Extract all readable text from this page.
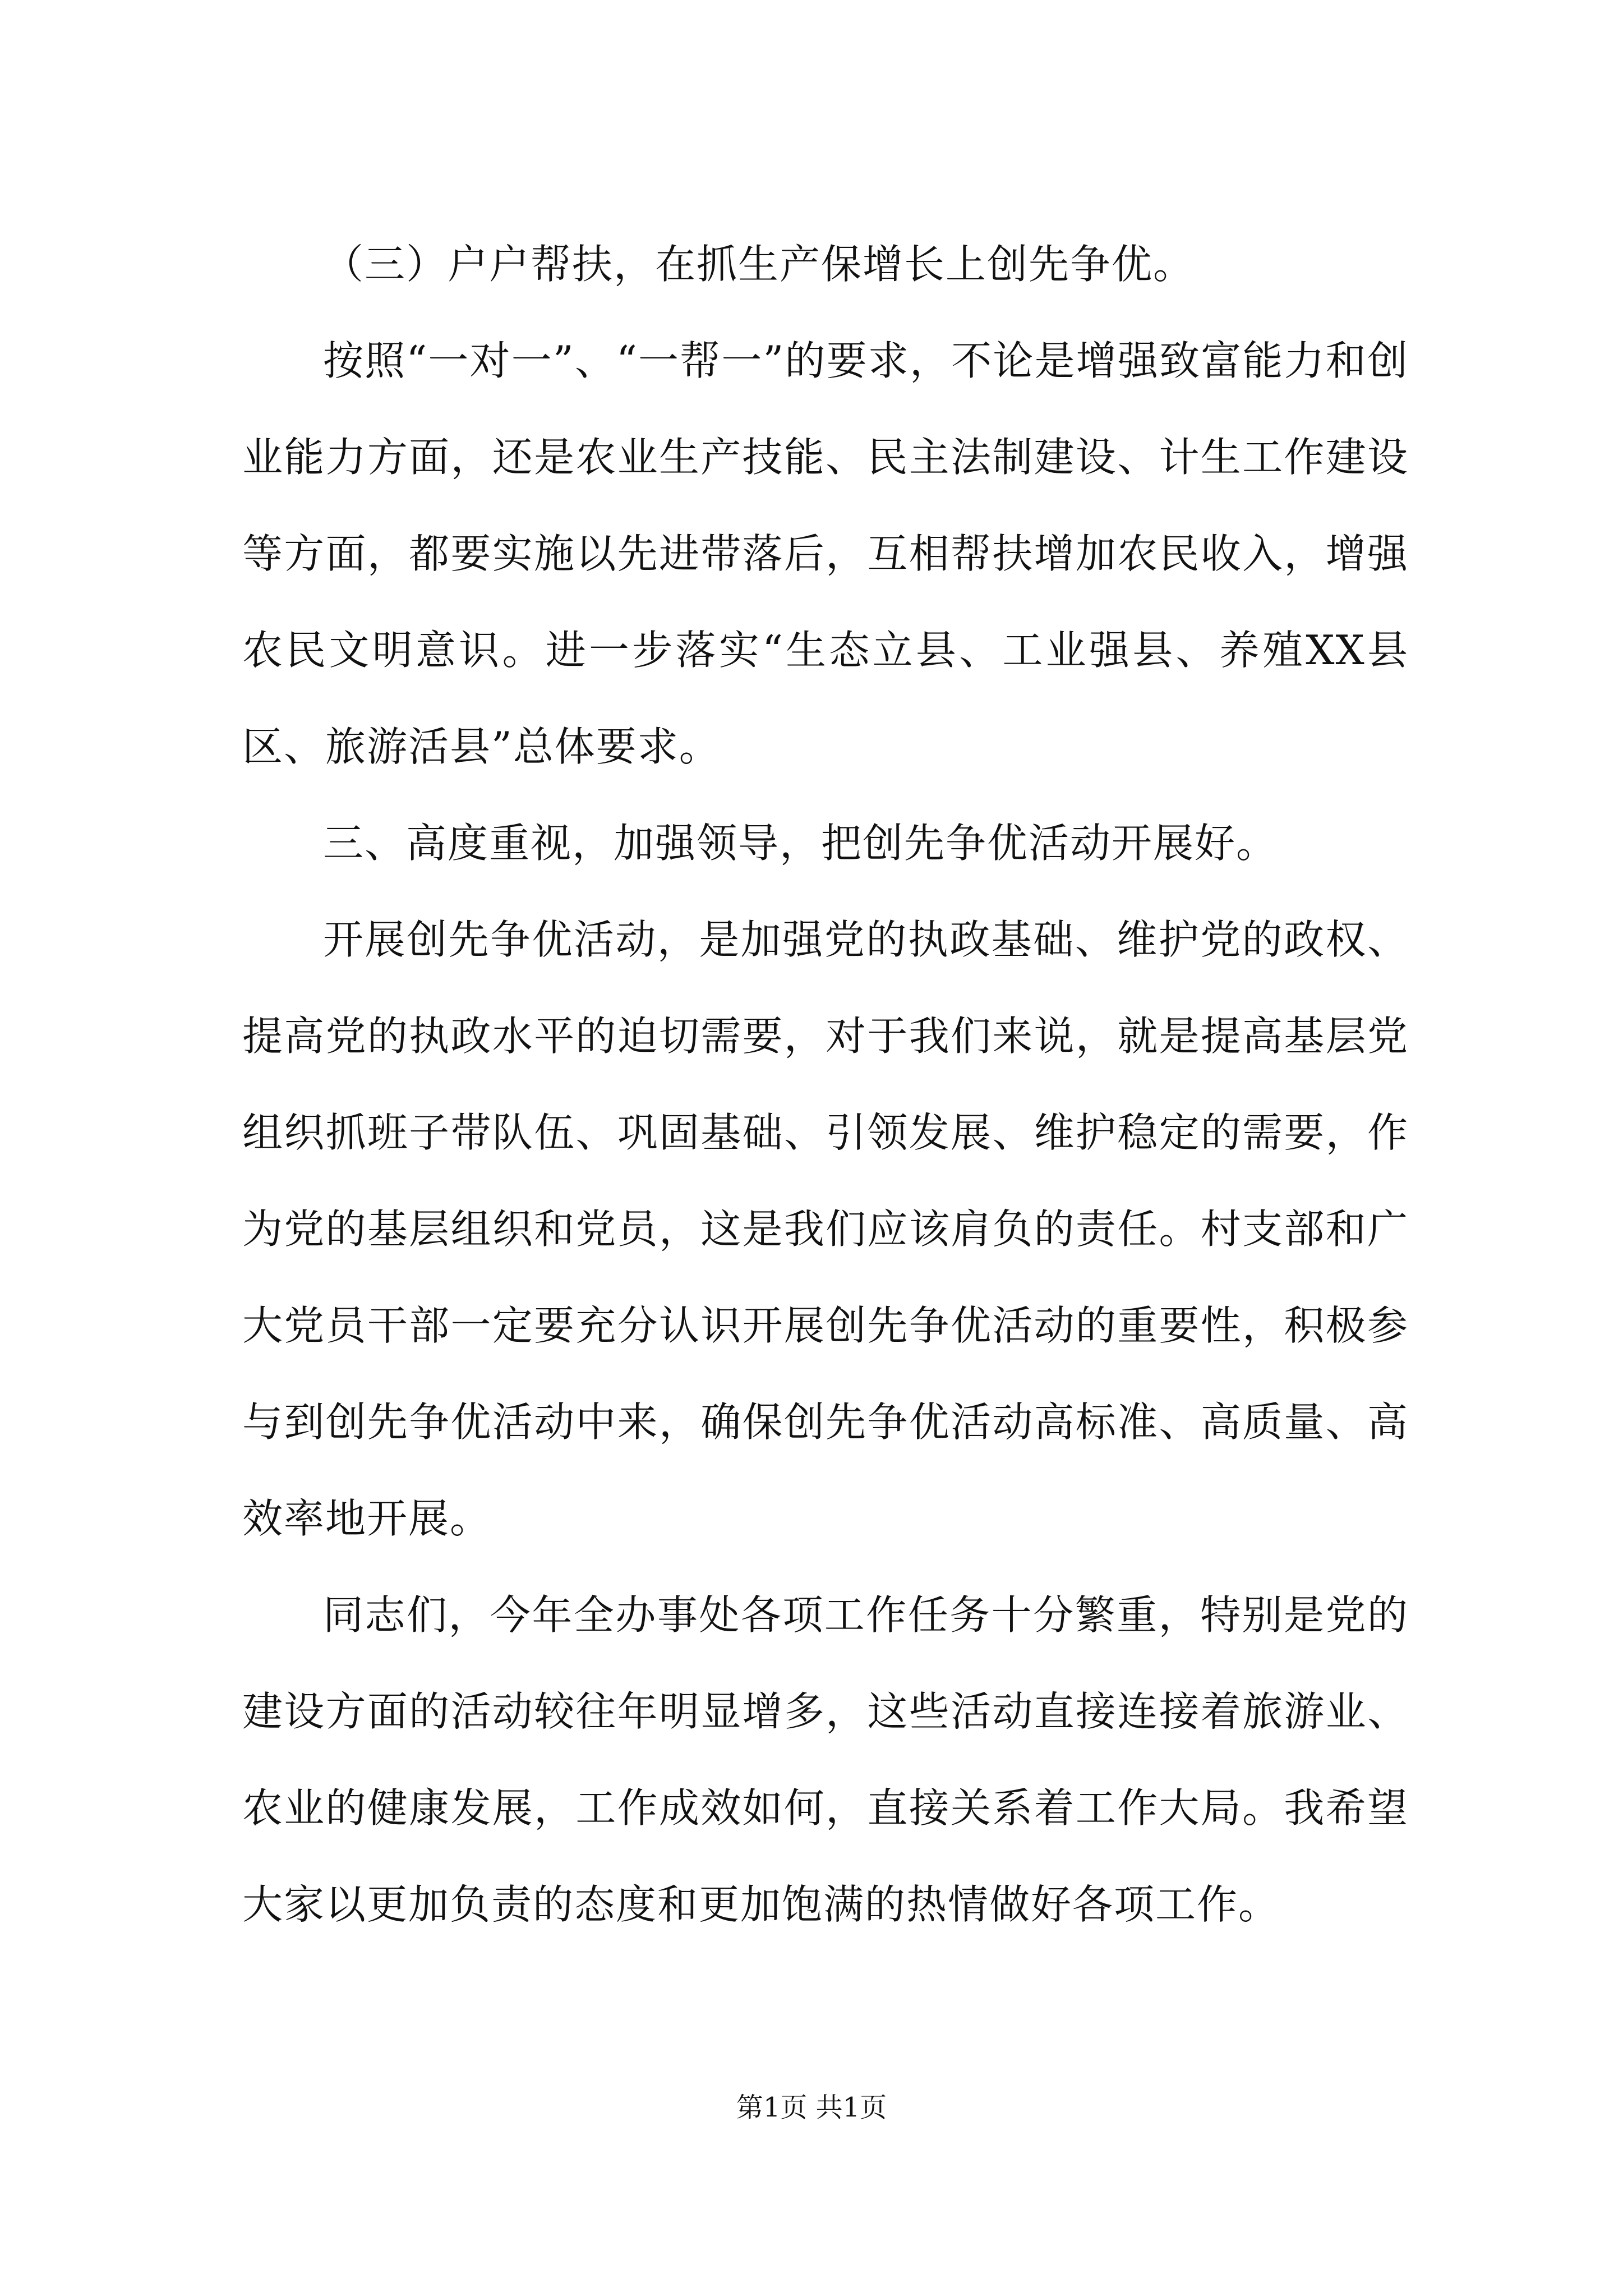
（三）户户帮扶，在抓生产保增长上创先争优。

按照“一对一”、“一帮一”的要求，不论是增强致富能力和创业能力方面，还是农业生产技能、民主法制建设、计生工作建设等方面，都要实施以先进带落后，互相帮扶增加农民收入，增强农民文明意识。进一步落实“生态立县、工业强县、养殖XX县区、旅游活县”总体要求。

三、高度重视，加强领导，把创先争优活动开展好。

开展创先争优活动，是加强党的执政基础、维护党的政权、提高党的执政水平的迫切需要，对于我们来说，就是提高基层党组织抓班子带队伍、巩固基础、引领发展、维护稳定的需要，作为党的基层组织和党员，这是我们应该肩负的责任。村支部和广大党员干部一定要充分认识开展创先争优活动的重要性，积极参与到创先争优活动中来，确保创先争优活动高标准、高质量、高效率地开展。

同志们，今年全办事处各项工作任务十分繁重，特别是党的建设方面的活动较往年明显增多，这些活动直接连接着旅游业、农业的健康发展，工作成效如何，直接关系着工作大局。我希望大家以更加负责的态度和更加饱满的热情做好各项工作。

第1页 共1页
